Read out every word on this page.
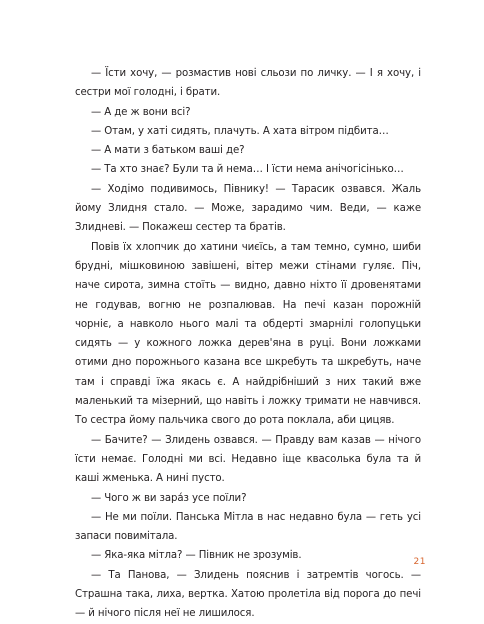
— Їсти хочу, — розмастив нові сльози по личку. — І я хочу, і сестри мої голодні, і брати.

— А де ж вони всі?

— Отам, у хаті сидять, плачуть. А хата вітром підбита…

— А мати з батьком ваші де?

— Та хто знає? Були та й нема… І їсти нема анічогісінько…

— Ходімо подивимось, Півнику! — Тарасик озвався. Жаль йому Злидня стало. — Може, зарадимо чим. Веди, — каже Злидневі. — Покажеш сестер та братів.

Повів їх хлопчик до хатини чиєїсь, а там темно, сумно, шиби брудні, мішковиною завішені, вітер межи стінами гуляє. Піч, наче сирота, зимна стоїть — видно, давно ніхто її дровенятами не годував, вогню не розпалював. На печі казан порожній чорніє, а навколо нього малі та обдерті змарнілі голопуцьки сидять — у кожного ложка дерев'яна в руці. Вони ложками отими дно порожнього казана все шкребуть та шкребуть, наче там і справді їжа якась є. А найдрібніший з них такий вже маленький та мізерний, що навіть і ложку тримати не навчився. То сестра йому пальчика свого до рота поклала, аби цицяв.

— Бачите? — Злидень озвався. — Правду вам казав — нічого їсти немає. Голодні ми всі. Недавно іще квасолька була та й каші жменька. А нині пусто.

— Чого ж ви зара́з усе поїли?

— Не ми поїли. Панська Мітла в нас недавно була — геть усі запаси повимітала.

— Яка-яка мітла? — Півник не зрозумів.

— Та Панова, — Злидень пояснив і затремтів чогось. — Страшна така, лиха, вертка. Хатою пролетіла від порога до печі — й нічого після неї не лишилося.

21
